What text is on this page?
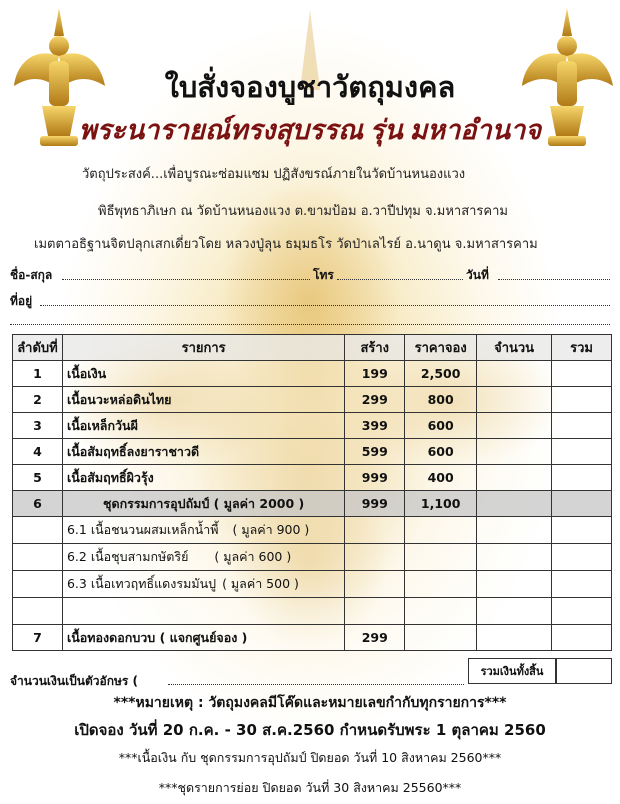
ใบสั่งจองบูชาวัตถุมงคล
พระนารายณ์ทรงสุบรรณ รุ่น มหาอำนาจ
วัตถุประสงค์...เพื่อบูรณะซ่อมแซม ปฏิสังขรณ์ภายในวัดบ้านหนองแวง
พิธีพุทธาภิเษก ณ วัดบ้านหนองแวง ต.ขามป้อม อ.วาปีปทุม จ.มหาสารคาม
เมตตาอธิฐานจิตปลุกเสกเดี่ยวโดย หลวงปู่ลุน ธมฺมธโร วัดป่าเลไรย์ อ.นาดูน จ.มหาสารคาม
ชื่อ-สกุล	โทร	วันที่
ที่อยู่
ลำดับที่	รายการ	สร้าง	ราคาจอง	จำนวน	รวม
1	เนื้อเงิน	199	2,500		
2	เนื้อนวะหล่อดินไทย	299	800		
3	เนื้อเหล็กวันผี	399	600		
4	เนื้อสัมฤทธิ์ลงยาราชาวดี	599	600		
5	เนื้อสัมฤทธิ์ผิวรุ้ง	999	400		
6	ชุดกรรมการอุปถัมป์ ( มูลค่า 2000 )	999	1,100		
	6.1 เนื้อชนวนผสมเหล็กน้ำพี้ ( มูลค่า 900 )				
	6.2 เนื้อชุบสามกษัตริย์ ( มูลค่า 600 )				
	6.3 เนื้อเทวฤทธิ์แดงรมมันปู ( มูลค่า 500 )				

7	เนื้อทองดอกบวบ ( แจกศูนย์จอง )	299			
จำนวนเงินเป็นตัวอักษร (
รวมเงินทั้งสิ้น
***หมายเหตุ : วัตถุมงคลมีโค๊ดและหมายเลขกำกับทุกรายการ***
เปิดจอง วันที่ 20 ก.ค. - 30 ส.ค.2560 กำหนดรับพระ 1 ตุลาคม 2560
***เนื้อเงิน กับ ชุดกรรมการอุปถัมป์ ปิดยอด วันที่ 10 สิงหาคม 2560***
***ชุดรายการย่อย ปิดยอด วันที่ 30 สิงหาคม 25560***
